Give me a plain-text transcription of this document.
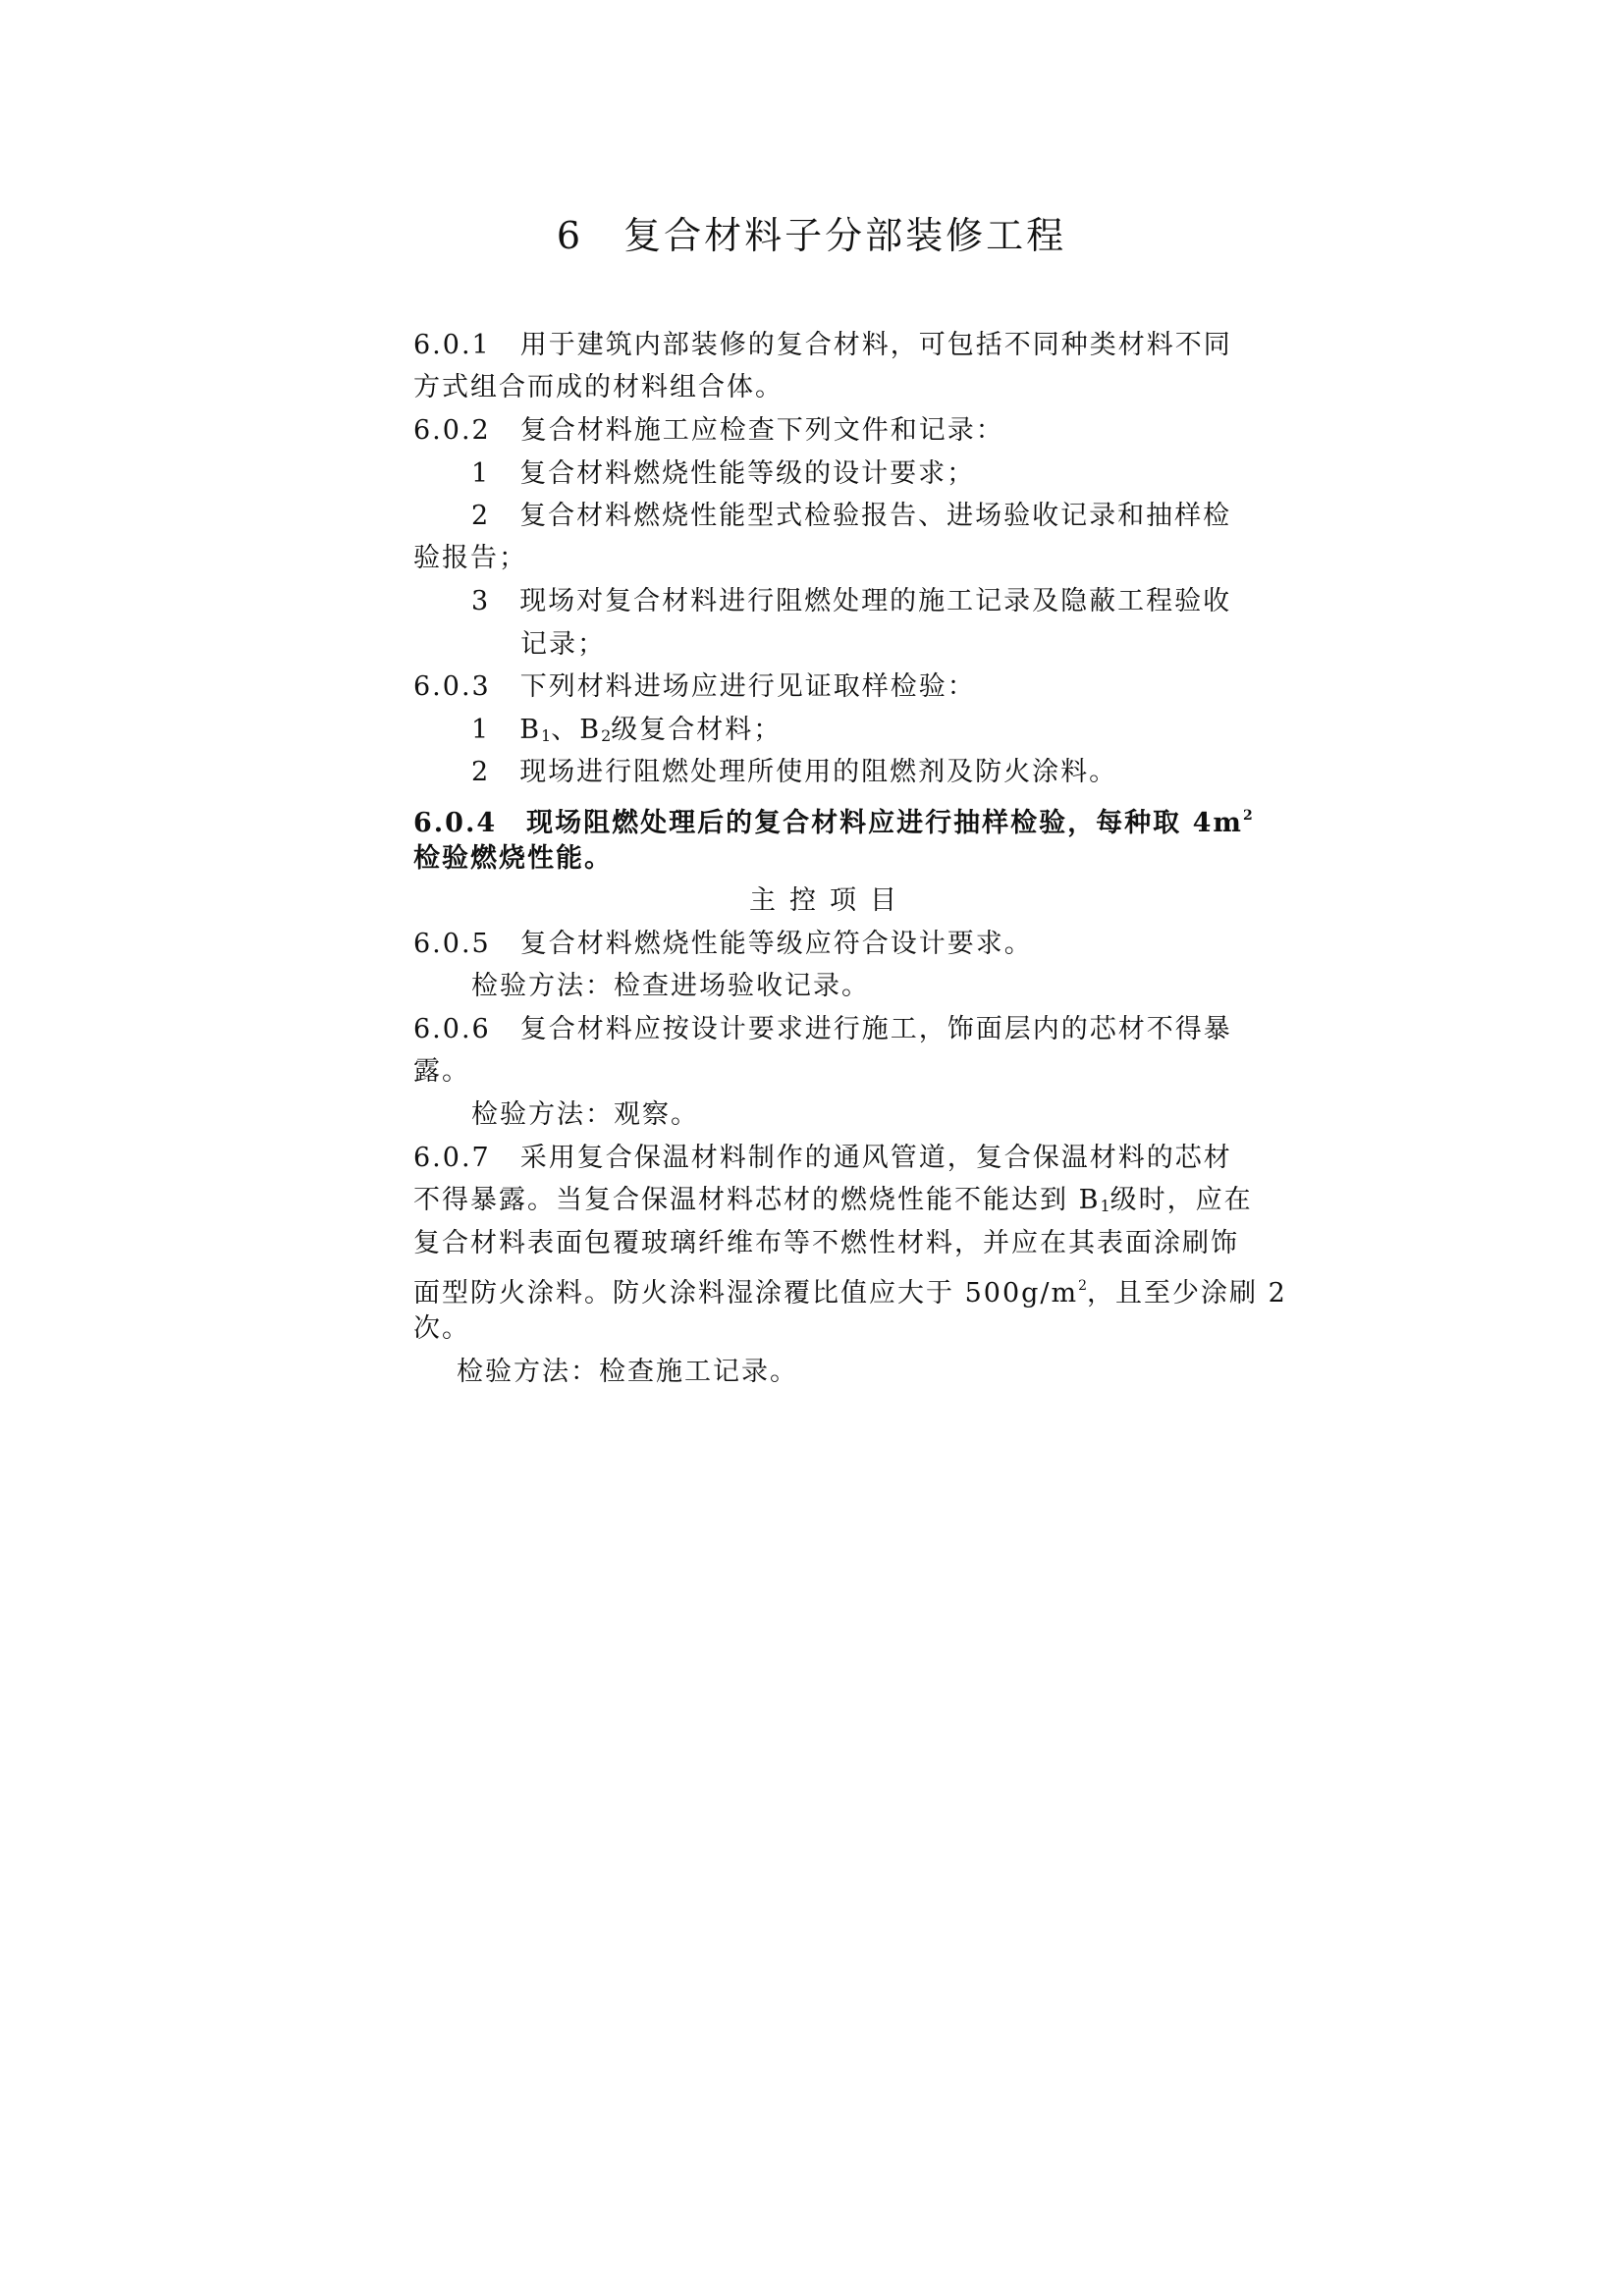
6　复合材料子分部装修工程
6.0.1 用于建筑内部装修的复合材料，可包括不同种类材料不同
方式组合而成的材料组合体。
6.0.2 复合材料施工应检查下列文件和记录：
1 复合材料燃烧性能等级的设计要求；
2 复合材料燃烧性能型式检验报告、进场验收记录和抽样检
验报告；
3 现场对复合材料进行阻燃处理的施工记录及隐蔽工程验收
记录；
6.0.3 下列材料进场应进行见证取样检验：
1 B1、B2级复合材料；
2 现场进行阻燃处理所使用的阻燃剂及防火涂料。
6.0.4 现场阻燃处理后的复合材料应进行抽样检验，每种取 $4m^2$
检验燃烧性能。
主控项目
6.0.5 复合材料燃烧性能等级应符合设计要求。
检验方法：检查进场验收记录。
6.0.6 复合材料应按设计要求进行施工，饰面层内的芯材不得暴
露。
检验方法：观察。
6.0.7 采用复合保温材料制作的通风管道，复合保温材料的芯材
不得暴露。当复合保温材料芯材的燃烧性能不能达到 B1级时，应在
复合材料表面包覆玻璃纤维布等不燃性材料，并应在其表面涂刷饰
面型防火涂料。防火涂料湿涂覆比值应大于 $500g/m^2$，且至少涂刷 2
次。
检验方法：检查施工记录。
